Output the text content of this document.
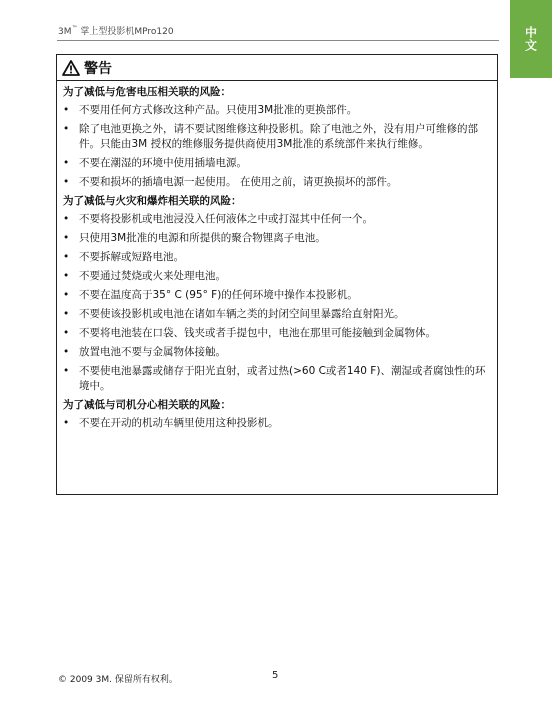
3M™ 掌上型投影机MPro120	中文
警告
为了减低与危害电压相关联的风险：
• 不要用任何方式修改这种产品。只使用3M批准的更换部件。
• 除了电池更换之外，请不要试图维修这种投影机。除了电池之外，没有用户可维修的部件。只能由3M 授权的维修服务提供商使用3M批准的系统部件来执行维修。
• 不要在潮湿的环境中使用插墙电源。
• 不要和损坏的插墙电源一起使用。 在使用之前，请更换损坏的部件。
为了减低与火灾和爆炸相关联的风险：
• 不要将投影机或电池浸没入任何液体之中或打湿其中任何一个。
• 只使用3M批准的电源和所提供的聚合物锂离子电池。
• 不要拆解或短路电池。
• 不要通过焚烧或火来处理电池。
• 不要在温度高于35° C (95° F)的任何环境中操作本投影机。
• 不要使该投影机或电池在诸如车辆之类的封闭空间里暴露给直射阳光。
• 不要将电池装在口袋、钱夹或者手提包中，电池在那里可能接触到金属物体。
• 放置电池不要与金属物体接触。
• 不要使电池暴露或储存于阳光直射，或者过热(>60 C或者140 F)、潮湿或者腐蚀性的环境中。
为了减低与司机分心相关联的风险：
• 不要在开动的机动车辆里使用这种投影机。
© 2009 3M. 保留所有权利。	5
